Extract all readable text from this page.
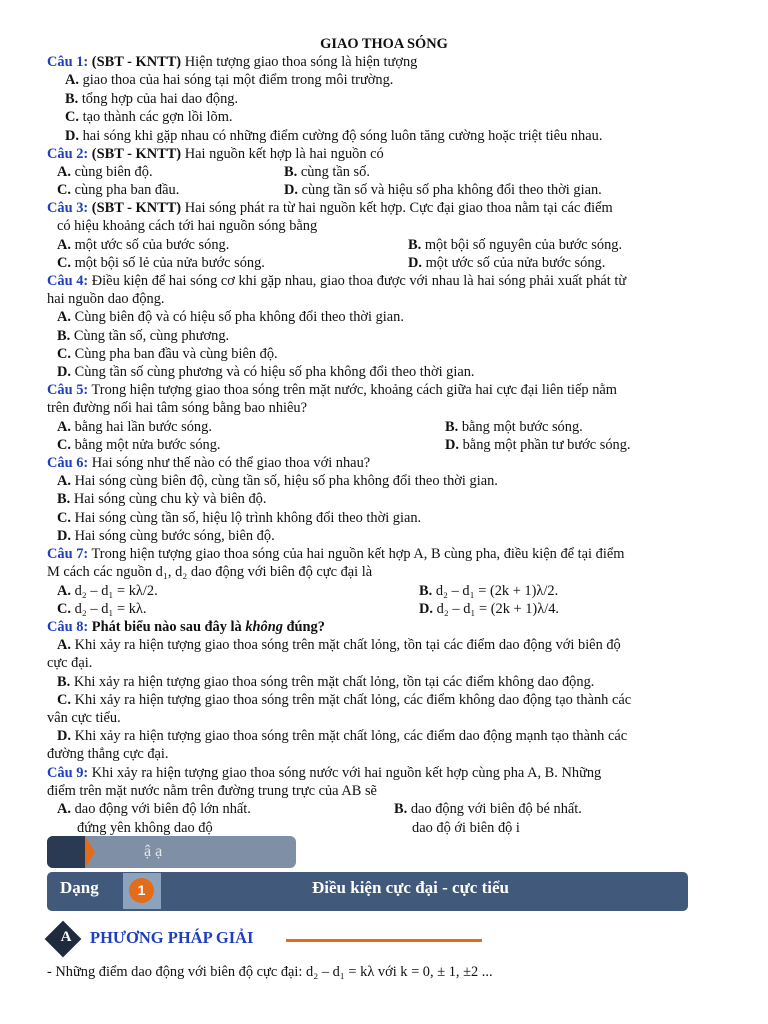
GIAO THOA SÓNG
Câu 1: (SBT - KNTT) Hiện tượng giao thoa sóng là hiện tượng
A. giao thoa của hai sóng tại một điểm trong môi trường.
B. tổng hợp của hai dao động.
C. tạo thành các gợn lồi lõm.
D. hai sóng khi gặp nhau có những điểm cường độ sóng luôn tăng cường hoặc triệt tiêu nhau.
Câu 2: (SBT - KNTT) Hai nguồn kết hợp là hai nguồn có
A. cùng biên độ.	B. cùng tần số.
C. cùng pha ban đầu.	D. cùng tần số và hiệu số pha không đổi theo thời gian.
Câu 3: (SBT - KNTT) Hai sóng phát ra từ hai nguồn kết hợp. Cực đại giao thoa nằm tại các điểm
có hiệu khoảng cách tới hai nguồn sóng bằng
A. một ước số của bước sóng.	B. một bội số nguyên của bước sóng.
C. một bội số lẻ của nửa bước sóng.	D. một ước số của nửa bước sóng.
Câu 4: Điều kiện để hai sóng cơ khi gặp nhau, giao thoa được với nhau là hai sóng phải xuất phát từ
hai nguồn dao động.
A. Cùng biên độ và có hiệu số pha không đổi theo thời gian.
B. Cùng tần số, cùng phương.
C. Cùng pha ban đầu và cùng biên độ.
D. Cùng tần số cùng phương và có hiệu số pha không đổi theo thời gian.
Câu 5: Trong hiện tượng giao thoa sóng trên mặt nước, khoảng cách giữa hai cực đại liên tiếp nằm
trên đường nối hai tâm sóng bằng bao nhiêu?
A. bằng hai lần bước sóng.	B. bằng một bước sóng.
C. bằng một nửa bước sóng.	D. bằng một phần tư bước sóng.
Câu 6: Hai sóng như thế nào có thể giao thoa với nhau?
A. Hai sóng cùng biên độ, cùng tần số, hiệu số pha không đổi theo thời gian.
B. Hai sóng cùng chu kỳ và biên độ.
C. Hai sóng cùng tần số, hiệu lộ trình không đổi theo thời gian.
D. Hai sóng cùng bước sóng, biên độ.
Câu 7: Trong hiện tượng giao thoa sóng của hai nguồn kết hợp A, B cùng pha, điều kiện để tại điểm
M cách các nguồn d₁, d₂ dao động với biên độ cực đại là
A. d₂ – d₁ = kλ/2.	B. d₂ – d₁ = (2k + 1)λ/2.
C. d₂ – d₁ = kλ.	D. d₂ – d₁ = (2k + 1)λ/4.
Câu 8: Phát biểu nào sau đây là không đúng?
A. Khi xảy ra hiện tượng giao thoa sóng trên mặt chất lỏng, tồn tại các điểm dao động với biên độ
cực đại.
B. Khi xảy ra hiện tượng giao thoa sóng trên mặt chất lỏng, tồn tại các điểm không dao động.
C. Khi xảy ra hiện tượng giao thoa sóng trên mặt chất lỏng, các điểm không dao động tạo thành các
vân cực tiểu.
D. Khi xảy ra hiện tượng giao thoa sóng trên mặt chất lỏng, các điểm dao động mạnh tạo thành các
đường thẳng cực đại.
Câu 9: Khi xảy ra hiện tượng giao thoa sóng nước với hai nguồn kết hợp cùng pha A, B. Những
điểm trên mặt nước nằm trên đường trung trực của AB sẽ
A. dao động với biên độ lớn nhất.	B. dao động với biên độ bé nhất.
đứng yên không dao độ	dao độ ới biên độ i
ậ ạ
Dạng	1	Điều kiện cực đại - cực tiểu
A	PHƯƠNG PHÁP GIẢI
- Những điểm dao động với biên độ cực đại: d₂ – d₁ = kλ với k = 0, ± 1, ±2 ...
